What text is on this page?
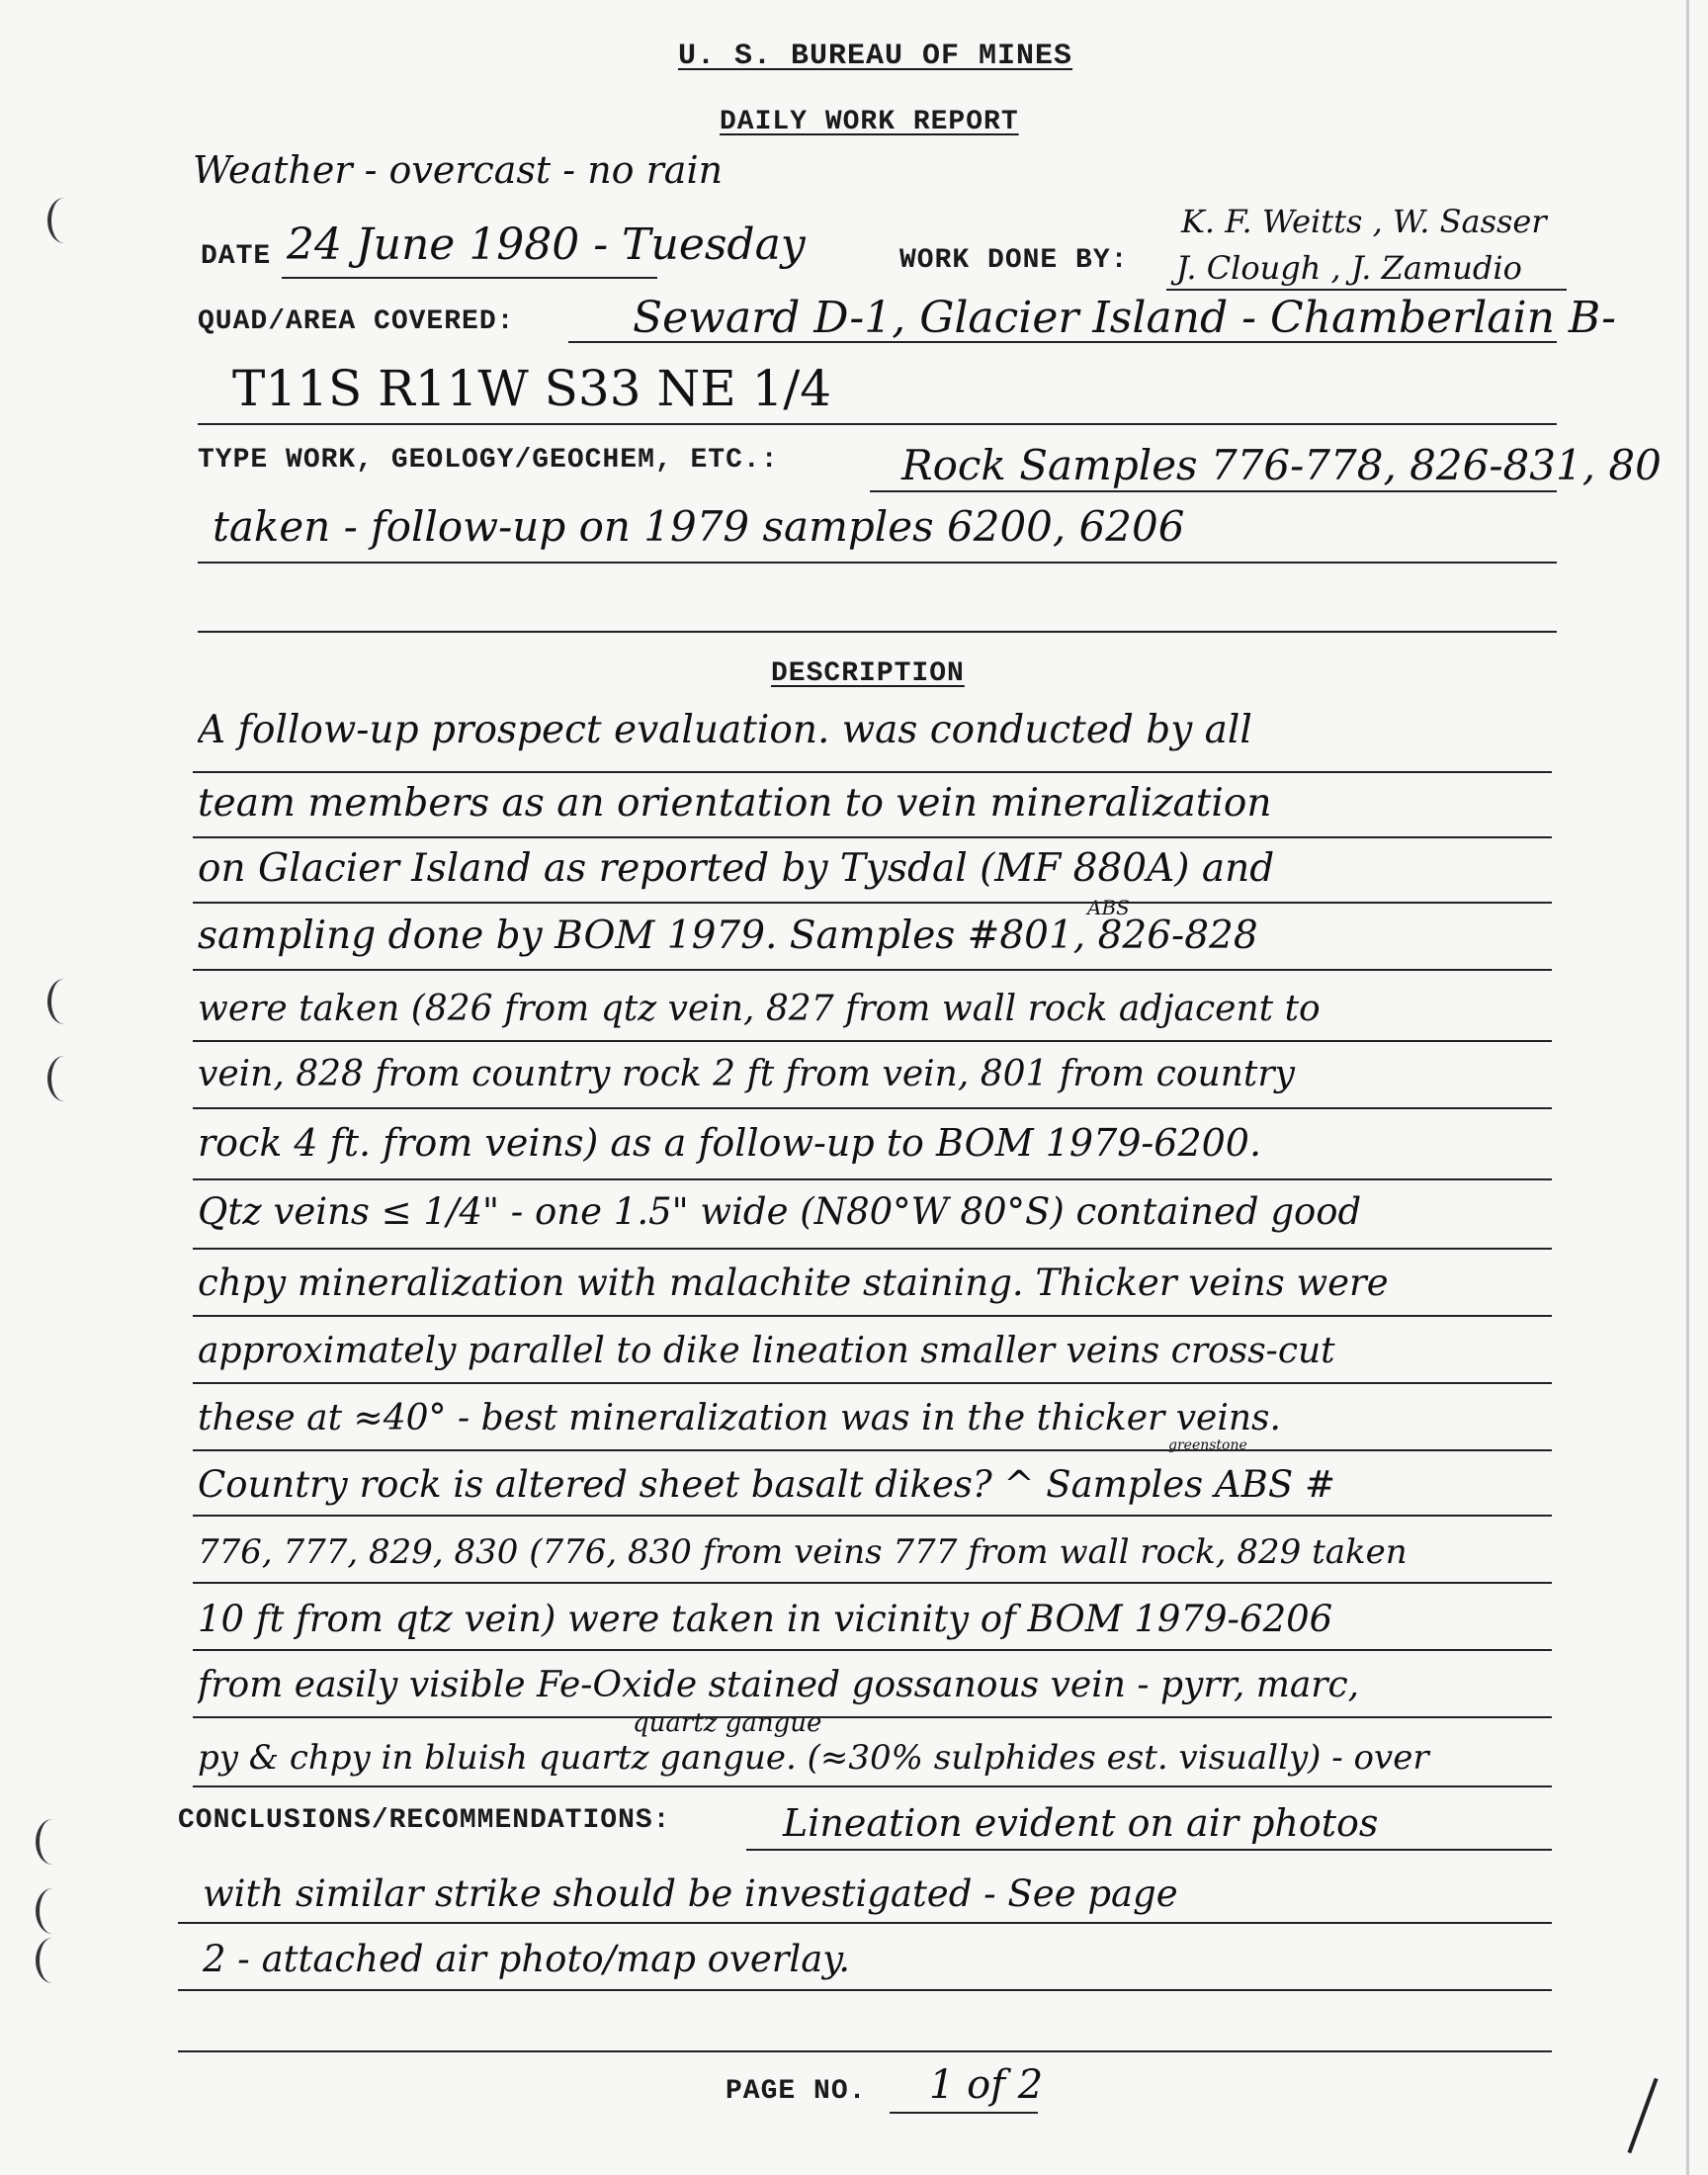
U. S. BUREAU OF MINES
DAILY WORK REPORT
Weather - overcast - no rain
DATE 24 June 1980 - Tuesday	K. F. Weitts , W. Sasser
WORK DONE BY: J. Clough , J. Zamudio
QUAD/AREA COVERED:	Seward D-1, Glacier Island - Chamberlain B-
T11S R11W S33 NE 1/4
TYPE WORK, GEOLOGY/GEOCHEM, ETC.:	Rock Samples 776-778, 826-831, 80
taken - follow-up on 1979 samples 6200, 6206
DESCRIPTION
ABS
greenstone
quartz gangue
A follow-up prospect evaluation. was conducted by all
team members as an orientation to vein mineralization
on Glacier Island as reported by Tysdal (MF 880A) and
sampling done by BOM 1979. Samples #801, 826-828
were taken (826 from qtz vein, 827 from wall rock adjacent to
vein, 828 from country rock 2 ft from vein, 801 from country
rock 4 ft. from veins) as a follow-up to BOM 1979-6200.
Qtz veins ≤ 1/4" - one 1.5" wide (N80°W 80°S) contained good
chpy mineralization with malachite staining. Thicker veins were
approximately parallel to dike lineation smaller veins cross-cut
these at ≈40° - best mineralization was in the thicker veins.
Country rock is altered sheet basalt dikes? ^ Samples ABS #
776, 777, 829, 830 (776, 830 from veins 777 from wall rock, 829 taken
10 ft from qtz vein) were taken in vicinity of BOM 1979-6206
from easily visible Fe-Oxide stained gossanous vein - pyrr, marc,
py & chpy in bluish quartz gangue. (≈30% sulphides est. visually) - over
CONCLUSIONS/RECOMMENDATIONS:	Lineation evident on air photos
with similar strike should be investigated - See page
2 - attached air photo/map overlay.
PAGE NO. 1 of 2
